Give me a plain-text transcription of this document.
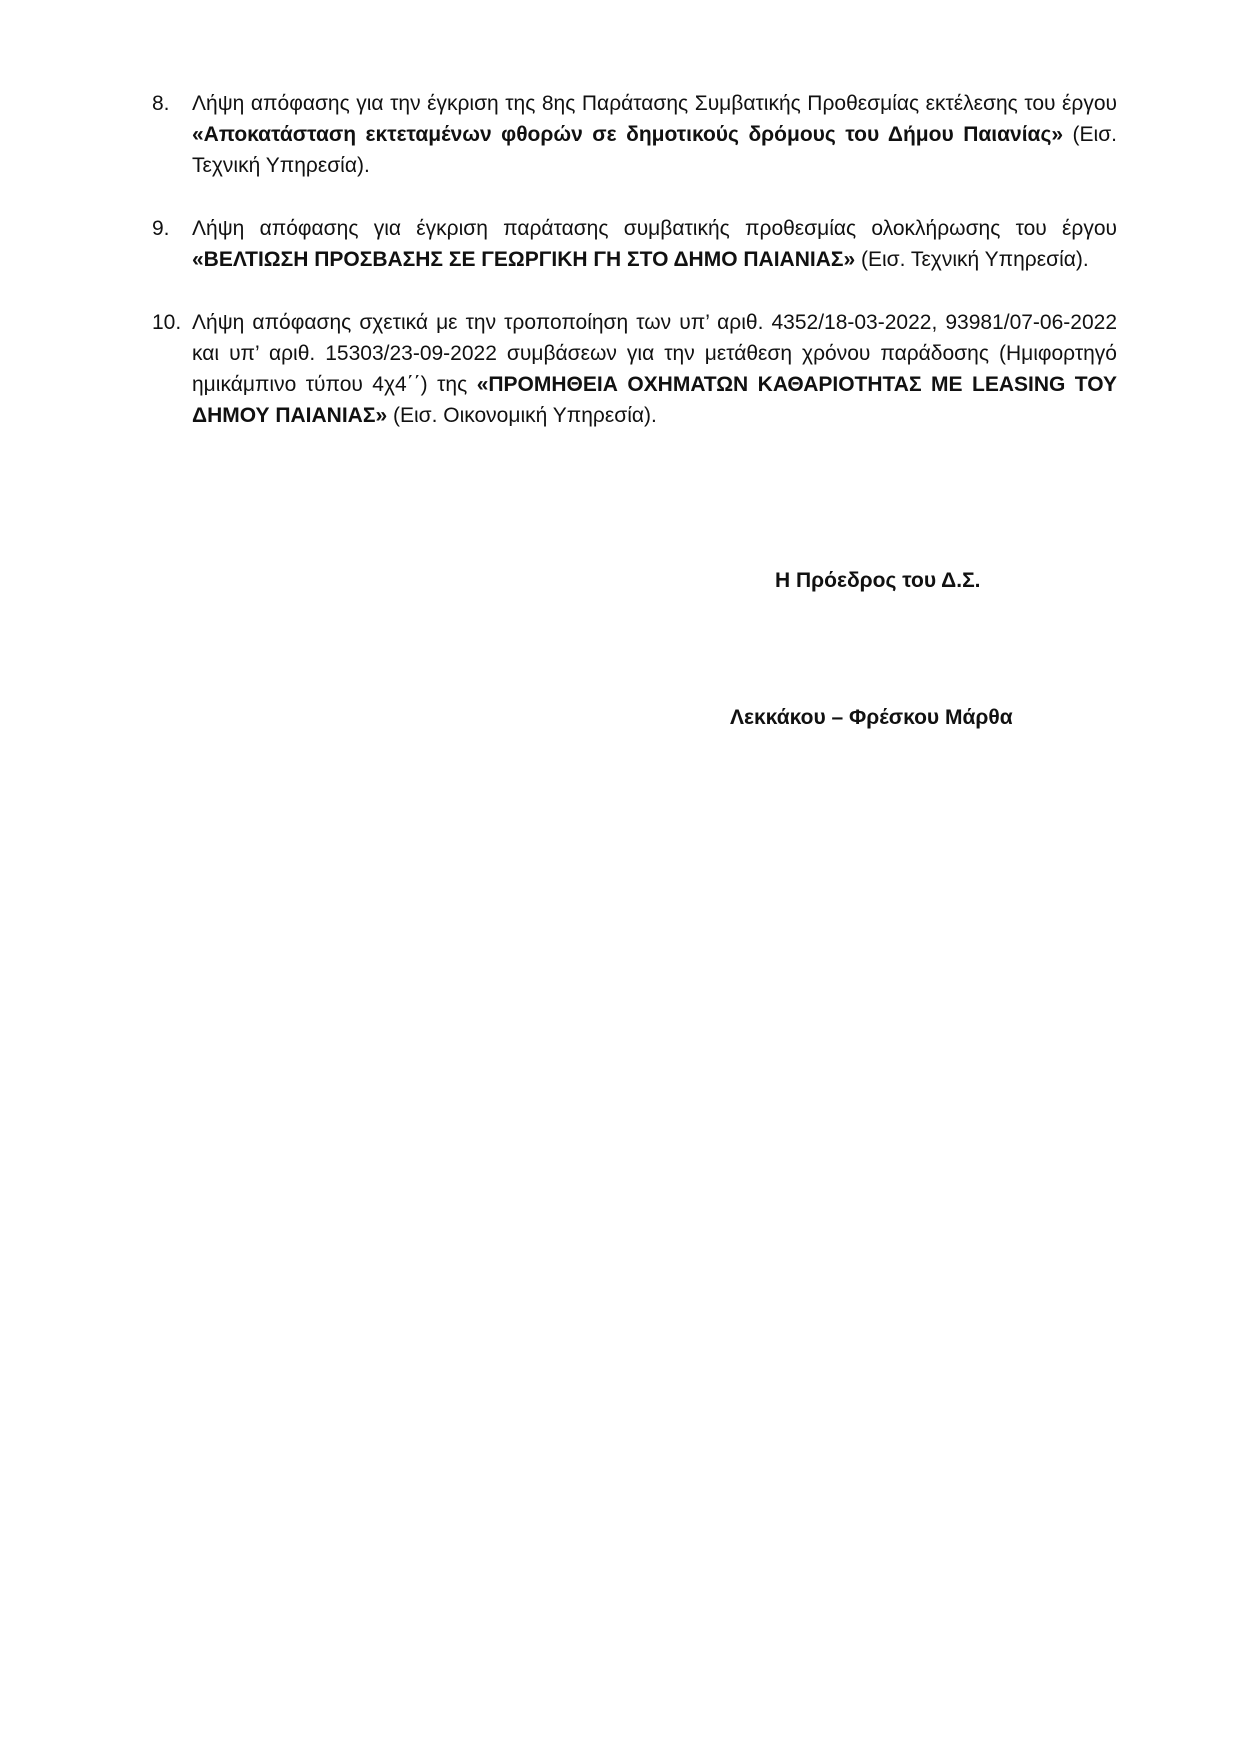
8.	Λήψη απόφασης για την έγκριση της 8ης Παράτασης Συμβατικής Προθεσμίας εκτέλεσης του έργου «Αποκατάσταση εκτεταμένων φθορών σε δημοτικούς δρόμους του Δήμου Παιανίας» (Εισ. Τεχνική Υπηρεσία).
9.	Λήψη απόφασης για έγκριση παράτασης συμβατικής προθεσμίας ολοκλήρωσης του έργου «ΒΕΛΤΙΩΣΗ ΠΡΟΣΒΑΣΗΣ ΣΕ ΓΕΩΡΓΙΚΗ ΓΗ ΣΤΟ ΔΗΜΟ ΠΑΙΑΝΙΑΣ» (Εισ. Τεχνική Υπηρεσία).
10. Λήψη απόφασης σχετικά με την τροποποίηση των υπ’ αριθ. 4352/18-03-2022, 93981/07-06-2022 και υπ’ αριθ. 15303/23-09-2022 συμβάσεων για την μετάθεση χρόνου παράδοσης (Ημιφορτηγό ημικάμπινο τύπου 4χ4΄΄) της «ΠΡΟΜΗΘΕΙΑ ΟΧΗΜΑΤΩΝ ΚΑΘΑΡΙΟΤΗΤΑΣ ΜΕ LEASING ΤΟΥ ΔΗΜΟΥ ΠΑΙΑΝΙΑΣ» (Εισ. Οικονομική Υπηρεσία).
Η Πρόεδρος του Δ.Σ.
Λεκκάκου – Φρέσκου Μάρθα
